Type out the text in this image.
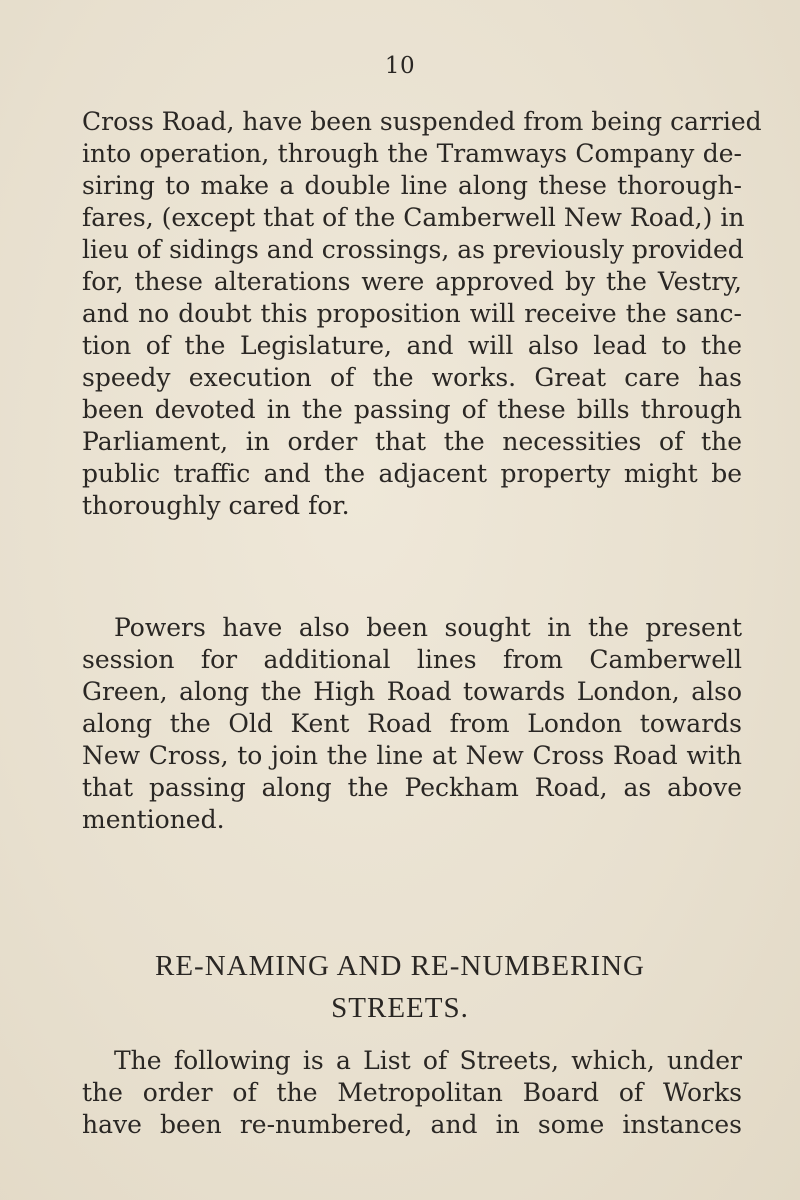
10
Cross Road, have been suspended from being carried
into operation, through the Tramways Company de-
siring to make a double line along these thorough-
fares, (except that of the Camberwell New Road,) in
lieu of sidings and crossings, as previously provided
for, these alterations were approved by the Vestry,
and no doubt this proposition will receive the sanc-
tion of the Legislature, and will also lead to the
speedy execution of the works. Great care has
been devoted in the passing of these bills through
Parliament, in order that the necessities of the
public traffic and the adjacent property might be
thoroughly cared for.
Powers have also been sought in the present
session for additional lines from Camberwell
Green, along the High Road towards London, also
along the Old Kent Road from London towards
New Cross, to join the line at New Cross Road with
that passing along the Peckham Road, as above
mentioned.
RE-NAMING AND RE-NUMBERING
STREETS.
The following is a List of Streets, which, under
the order of the Metropolitan Board of Works
have been re-numbered, and in some instances
